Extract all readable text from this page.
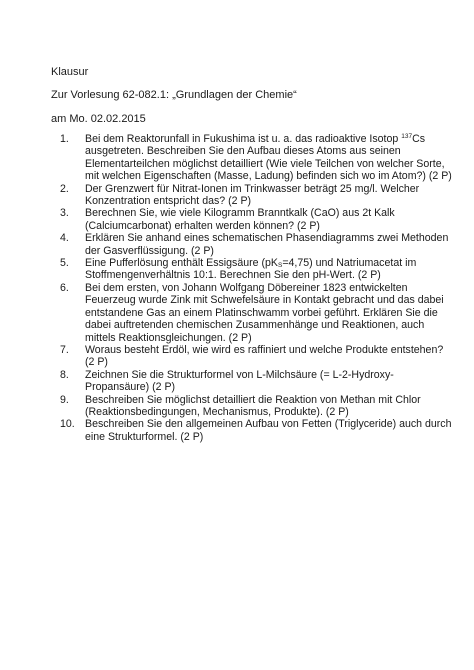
Klausur
Zur Vorlesung 62-082.1: „Grundlagen der Chemie“
am Mo. 02.02.2015
1.	Bei dem Reaktorunfall in Fukushima ist u. a. das radioaktive Isotop $^{137}$Cs
ausgetreten. Beschreiben Sie den Aufbau dieses Atoms aus seinen
Elementarteilchen möglichst detailliert (Wie viele Teilchen von welcher Sorte,
mit welchen Eigenschaften (Masse, Ladung) befinden sich wo im Atom?) (2 P)
2.	Der Grenzwert für Nitrat-Ionen im Trinkwasser beträgt 25 mg/l. Welcher
Konzentration entspricht das? (2 P)
3.	Berechnen Sie, wie viele Kilogramm Branntkalk (CaO) aus 2t Kalk
(Calciumcarbonat) erhalten werden können? (2 P)
4.	Erklären Sie anhand eines schematischen Phasendiagramms zwei Methoden
der Gasverflüssigung. (2 P)
5.	Eine Pufferlösung enthält Essigsäure $(pK_S=4,75)$ und Natriumacetat im
Stoffmengenverhältnis 10:1. Berechnen Sie den pH-Wert. (2 P)
6.	Bei dem ersten, von Johann Wolfgang Döbereiner 1823 entwickelten
Feuerzeug wurde Zink mit Schwefelsäure in Kontakt gebracht und das dabei
entstandene Gas an einem Platinschwamm vorbei geführt. Erklären Sie die
dabei auftretenden chemischen Zusammenhänge und Reaktionen, auch
mittels Reaktionsgleichungen. (2 P)
7.	Woraus besteht Erdöl, wie wird es raffiniert und welche Produkte entstehen?
(2 P)
8.	Zeichnen Sie die Strukturformel von L-Milchsäure (= L-2-Hydroxy-
Propansäure) (2 P)
9.	Beschreiben Sie möglichst detailliert die Reaktion von Methan mit Chlor
(Reaktionsbedingungen, Mechanismus, Produkte). (2 P)
10. Beschreiben Sie den allgemeinen Aufbau von Fetten (Triglyceride) auch durch
eine Strukturformel. (2 P)
